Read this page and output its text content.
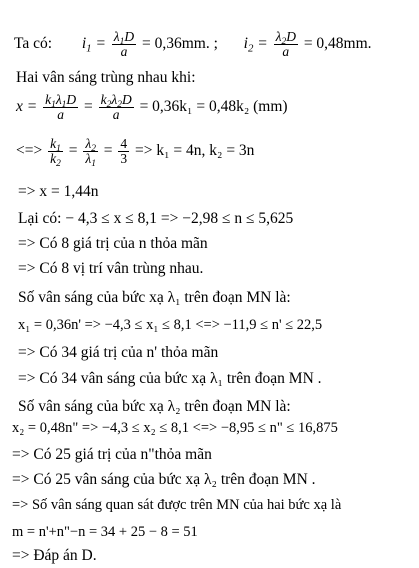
Ta có: $i_1 = \frac{\lambda_1D}{a} = 0,36mm$. ; $i_2 = \frac{\lambda_2D}{a} = 0,48mm$.
Hai vân sáng trùng nhau khi:
$x = \frac{k_1\lambda_1D}{a} = \frac{k_2\lambda_2D}{a} = 0,36k_1 = 0,48k_2$ (mm)
<=> $\frac{k_1}{k_2} = \frac{\lambda_2}{\lambda_1} = \frac{4}{3} => k_1 = 4n$, k₂ = 3n
=> x = 1,44n
Lại có: − 4,3 ≤ x ≤ 8,1 => −2,98 ≤ n ≤ 5,625
=> Có 8 giá trị của n thỏa mãn
=> Có 8 vị trí vân trùng nhau.
Số vân sáng của bức xạ λ₁ trên đoạn MN là:
x₁ = 0,36n' => −4,3 ≤ x₁ ≤ 8,1 <=> −11,9 ≤ n' ≤ 22,5
=> Có 34 giá trị của n' thỏa mãn
=> Có 34 vân sáng của bức xạ λ₁ trên đoạn MN .
Số vân sáng của bức xạ λ₂ trên đoạn MN là:
x₂ = 0,48n" => −4,3 ≤ x₂ ≤ 8,1 <=> −8,95 ≤ n" ≤ 16,875
=> Có 25 giá trị của n"thỏa mãn
=> Có 25 vân sáng của bức xạ λ₂ trên đoạn MN .
=> Số vân sáng quan sát được trên MN của hai bức xạ là
m = n'+n"−n = 34 + 25 − 8 = 51
=> Đáp án D.
